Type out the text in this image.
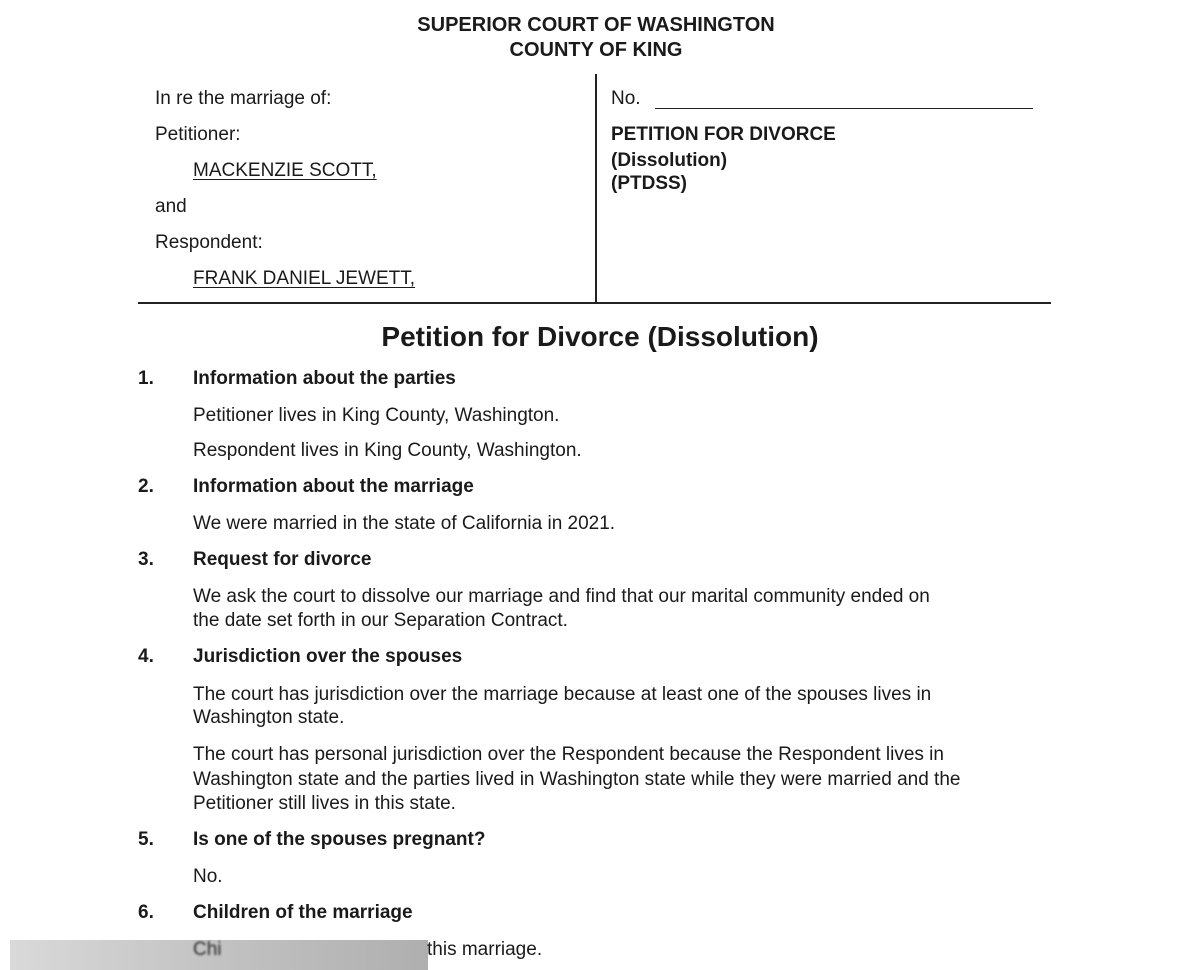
SUPERIOR COURT OF WASHINGTON
COUNTY OF KING
In re the marriage of:
Petitioner:
MACKENZIE SCOTT,
and
Respondent:
FRANK DANIEL JEWETT,
No.
PETITION FOR DIVORCE
(Dissolution)
(PTDSS)
Petition for Divorce (Dissolution)
1. Information about the parties
Petitioner lives in King County, Washington.
Respondent lives in King County, Washington.
2. Information about the marriage
We were married in the state of California in 2021.
3. Request for divorce
We ask the court to dissolve our marriage and find that our marital community ended on
the date set forth in our Separation Contract.
4. Jurisdiction over the spouses
The court has jurisdiction over the marriage because at least one of the spouses lives in
Washington state.
The court has personal jurisdiction over the Respondent because the Respondent lives in
Washington state and the parties lived in Washington state while they were married and the
Petitioner still lives in this state.
5. Is one of the spouses pregnant?
No.
6. Children of the marriage
Chi	this marriage.
